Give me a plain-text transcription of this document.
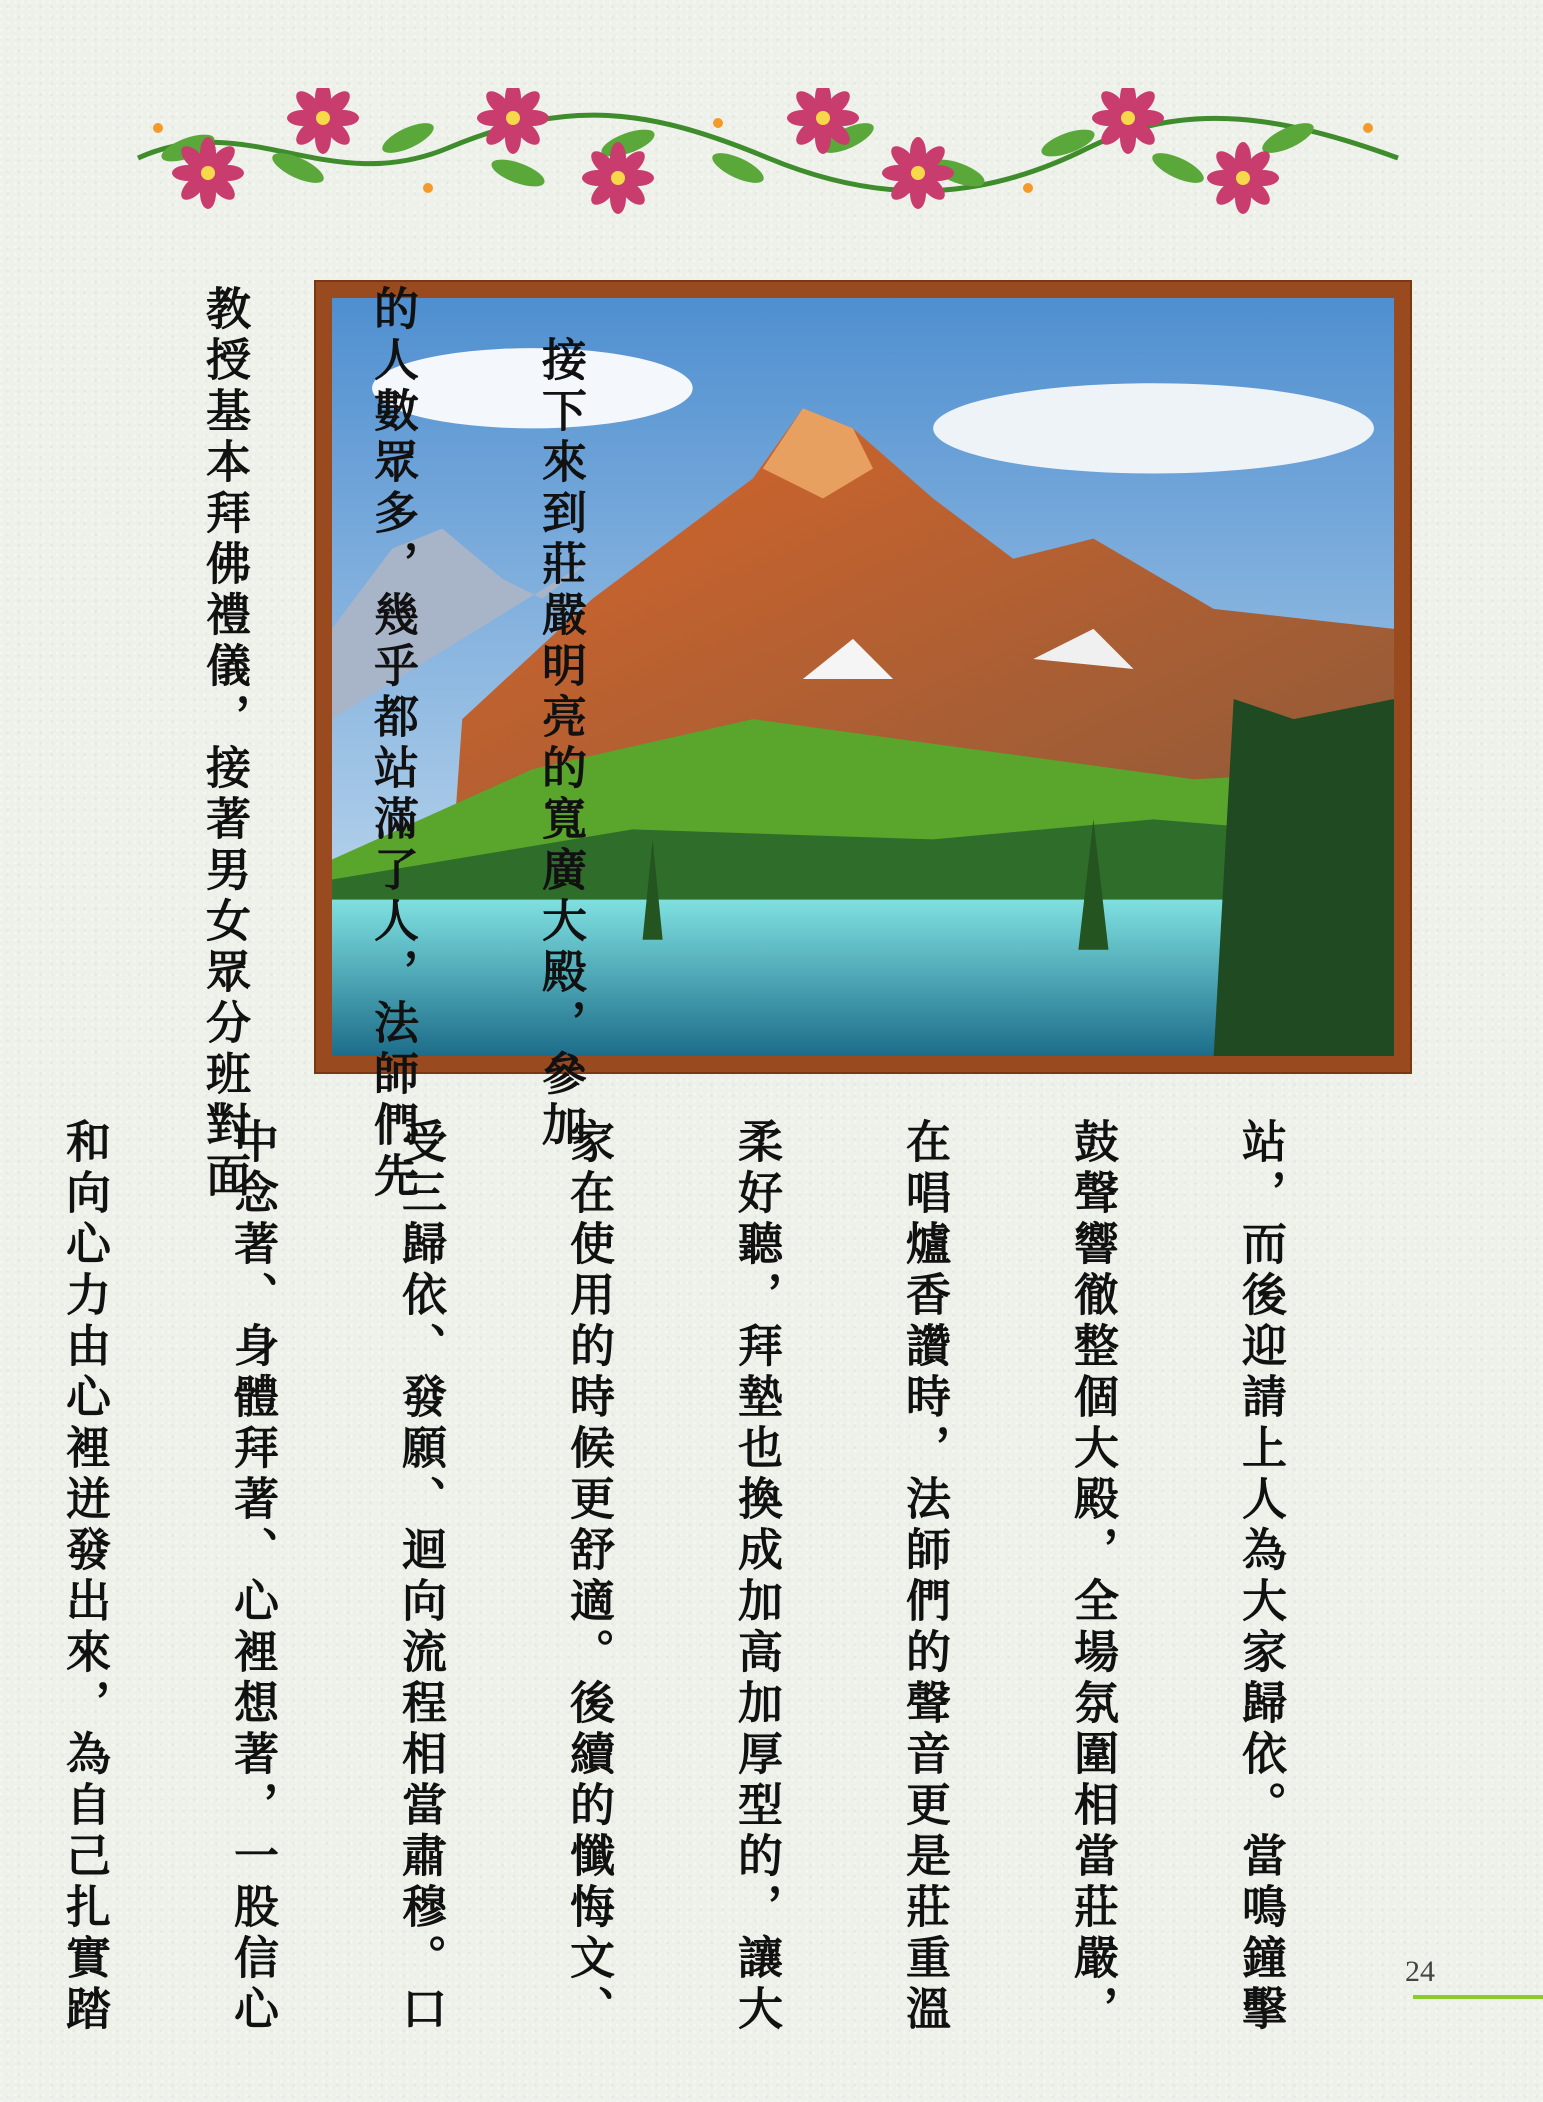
　接下來到莊嚴明亮的寬廣大殿，參加

的人數眾多，幾乎都站滿了人，法師們先

教授基本拜佛禮儀，接著男女眾分班對面

站，而後迎請上人為大家歸依。當鳴鐘擊

鼓聲響徹整個大殿，全場氛圍相當莊嚴，

在唱爐香讚時，法師們的聲音更是莊重溫

柔好聽，拜墊也換成加高加厚型的，讓大

家在使用的時候更舒適。後續的懺悔文、

受三歸依、發願、迴向流程相當肅穆。口

中念著、身體拜著、心裡想著，一股信心

和向心力由心裡迸發出來，為自己扎實踏

	24
